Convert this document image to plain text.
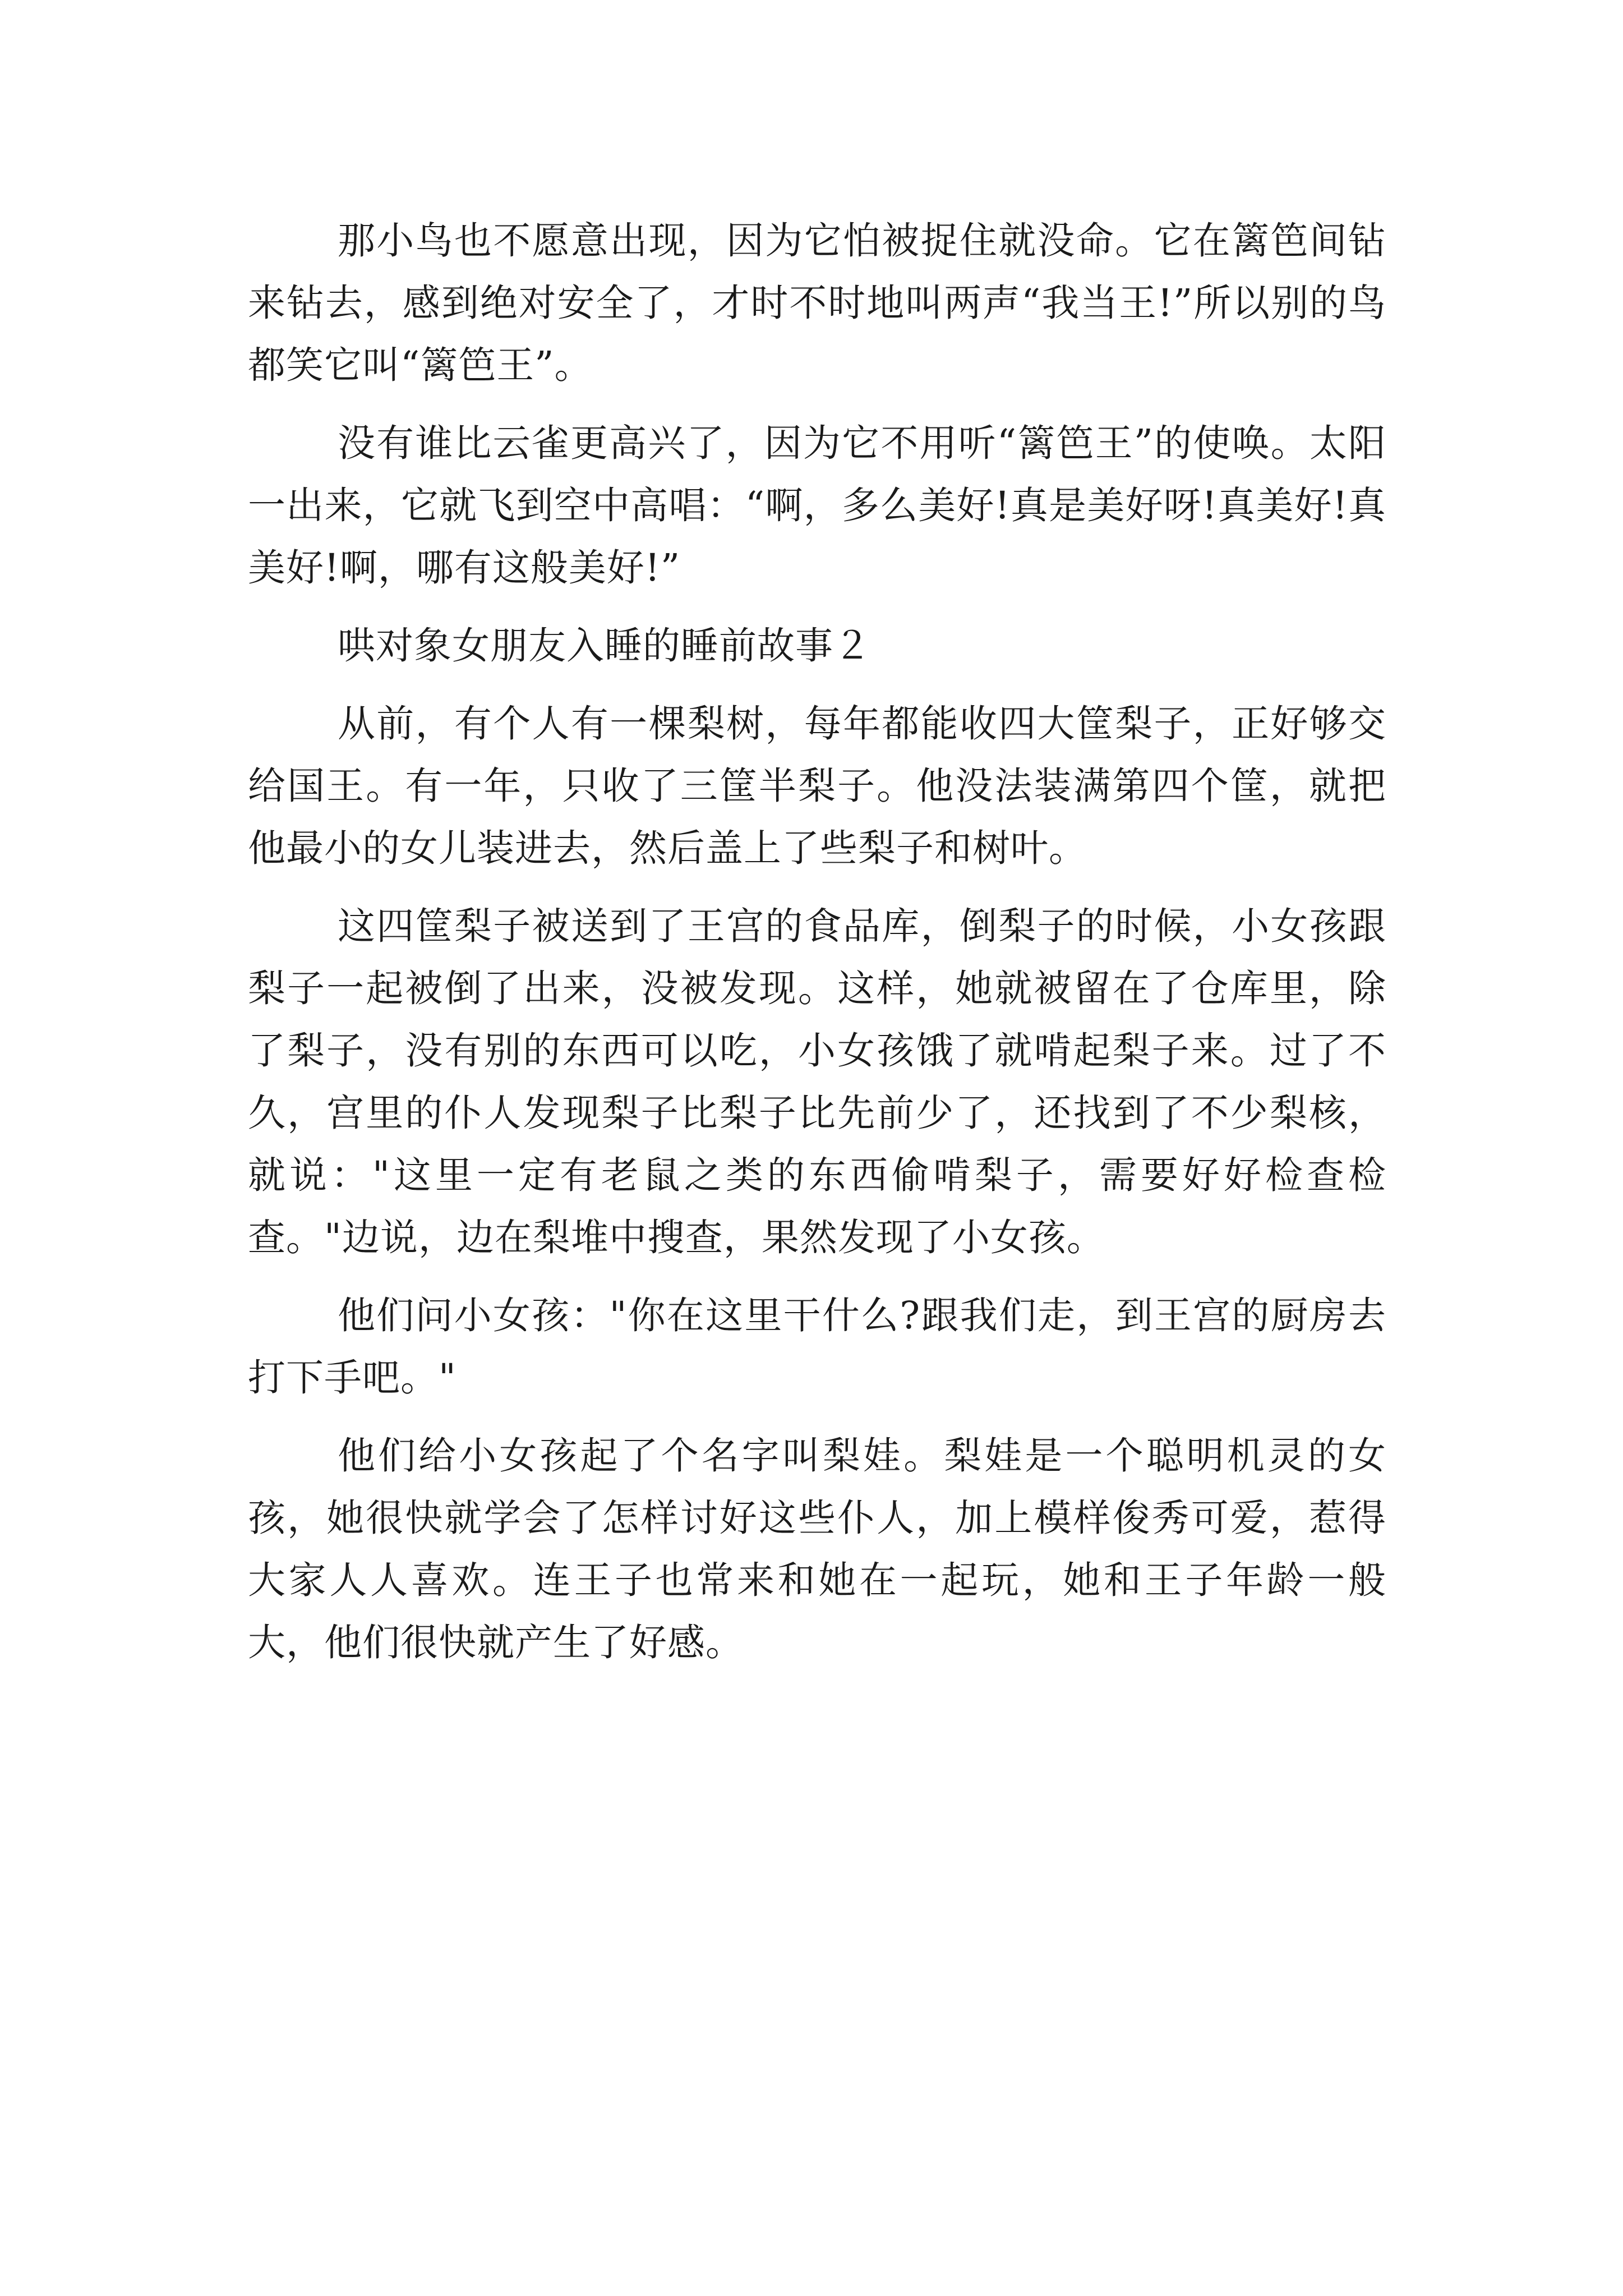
那小鸟也不愿意出现，因为它怕被捉住就没命。它在篱笆间钻来钻去，感到绝对安全了，才时不时地叫两声“我当王!”所以别的鸟都笑它叫“篱笆王”。

没有谁比云雀更高兴了，因为它不用听“篱笆王”的使唤。太阳一出来，它就飞到空中高唱：“啊，多么美好!真是美好呀!真美好!真美好!啊，哪有这般美好!”

哄对象女朋友入睡的睡前故事２

从前，有个人有一棵梨树，每年都能收四大筐梨子，正好够交给国王。有一年，只收了三筐半梨子。他没法装满第四个筐，就把他最小的女儿装进去，然后盖上了些梨子和树叶。

这四筐梨子被送到了王宫的食品库，倒梨子的时候，小女孩跟梨子一起被倒了出来，没被发现。这样，她就被留在了仓库里，除了梨子，没有别的东西可以吃，小女孩饿了就啃起梨子来。过了不久，宫里的仆人发现梨子比梨子比先前少了，还找到了不少梨核，就说："这里一定有老鼠之类的东西偷啃梨子，需要好好检查检查。"边说，边在梨堆中搜查，果然发现了小女孩。

他们问小女孩："你在这里干什么?跟我们走，到王宫的厨房去打下手吧。"

他们给小女孩起了个名字叫梨娃。梨娃是一个聪明机灵的女孩，她很快就学会了怎样讨好这些仆人，加上模样俊秀可爱，惹得大家人人喜欢。连王子也常来和她在一起玩，她和王子年龄一般大，他们很快就产生了好感。
